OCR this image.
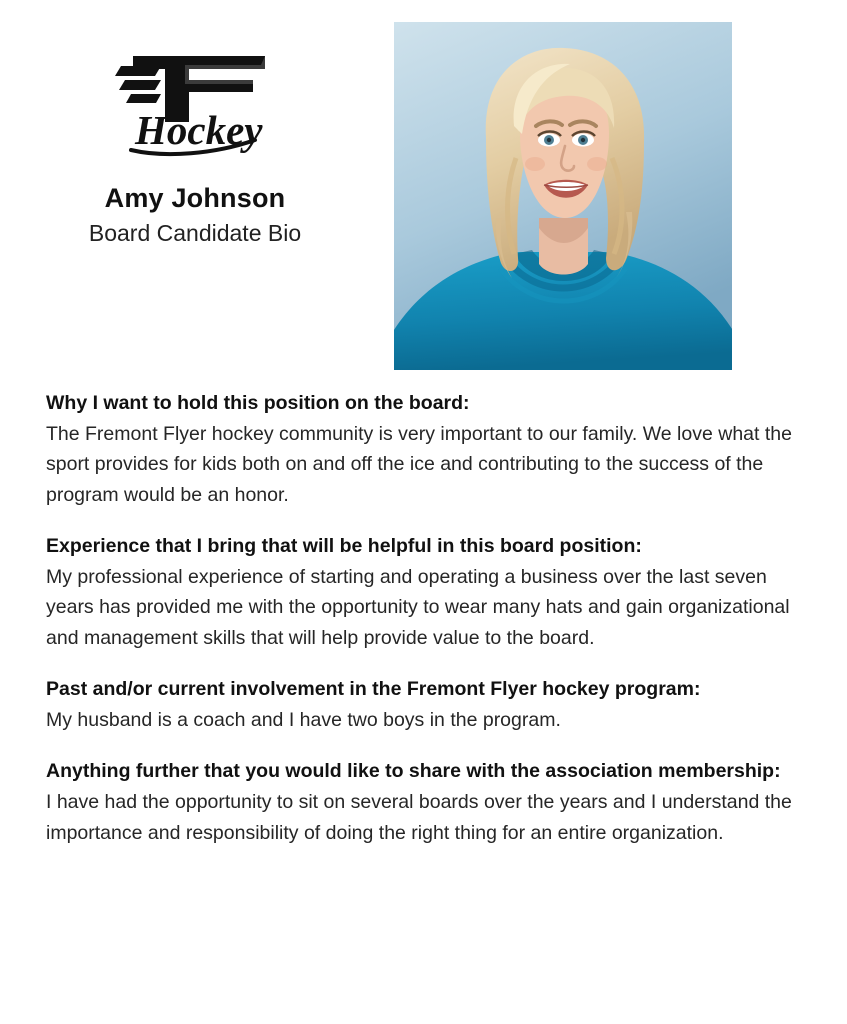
Hockey
Amy Johnson
Board Candidate Bio

Why I want to hold this position on the board:

The Fremont Flyer hockey community is very important to our family. We love what the sport provides for kids both on and off the ice and contributing to the success of the program would be an honor.

Experience that I bring that will be helpful in this board position:

My professional experience of starting and operating a business over the last seven years has provided me with the opportunity to wear many hats and gain organizational and management skills that will help provide value to the board.

Past and/or current involvement in the Fremont Flyer hockey program:

My husband is a coach and I have two boys in the program.

Anything further that you would like to share with the association membership:

I have had the opportunity to sit on several boards over the years and I understand the importance and responsibility of doing the right thing for an entire organization.
